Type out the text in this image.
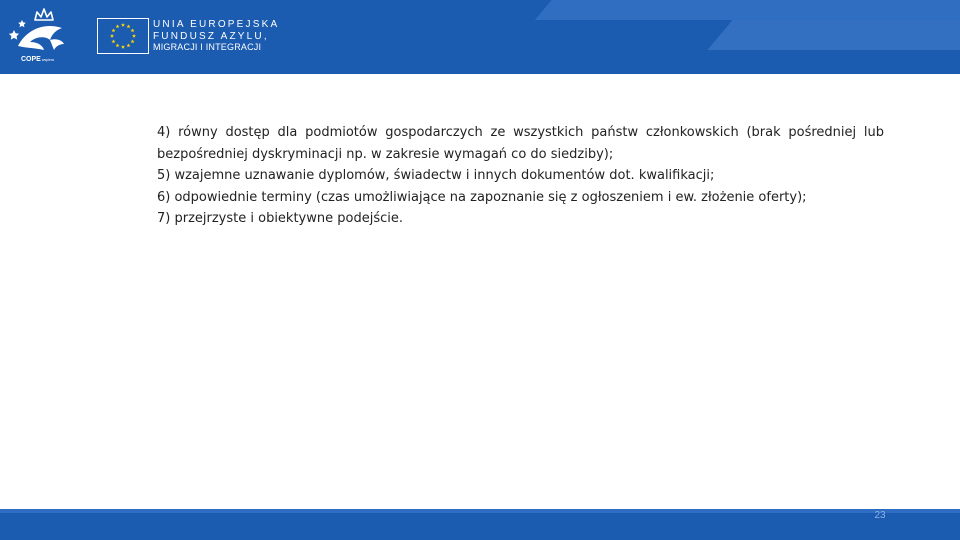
COPEwspiera
UNIA EUROPEJSKA
FUNDUSZ AZYLU,
MIGRACJI I INTEGRACJI

4) równy dostęp dla podmiotów gospodarczych ze wszystkich państw członkowskich (brak pośredniej lub bezpośredniej dyskryminacji np. w zakresie wymagań co do siedziby);

5) wzajemne uznawanie dyplomów, świadectw i innych dokumentów dot. kwalifikacji;

6) odpowiednie terminy (czas umożliwiające na zapoznanie się z ogłoszeniem i ew. złożenie oferty);

7) przejrzyste i obiektywne podejście.

23
